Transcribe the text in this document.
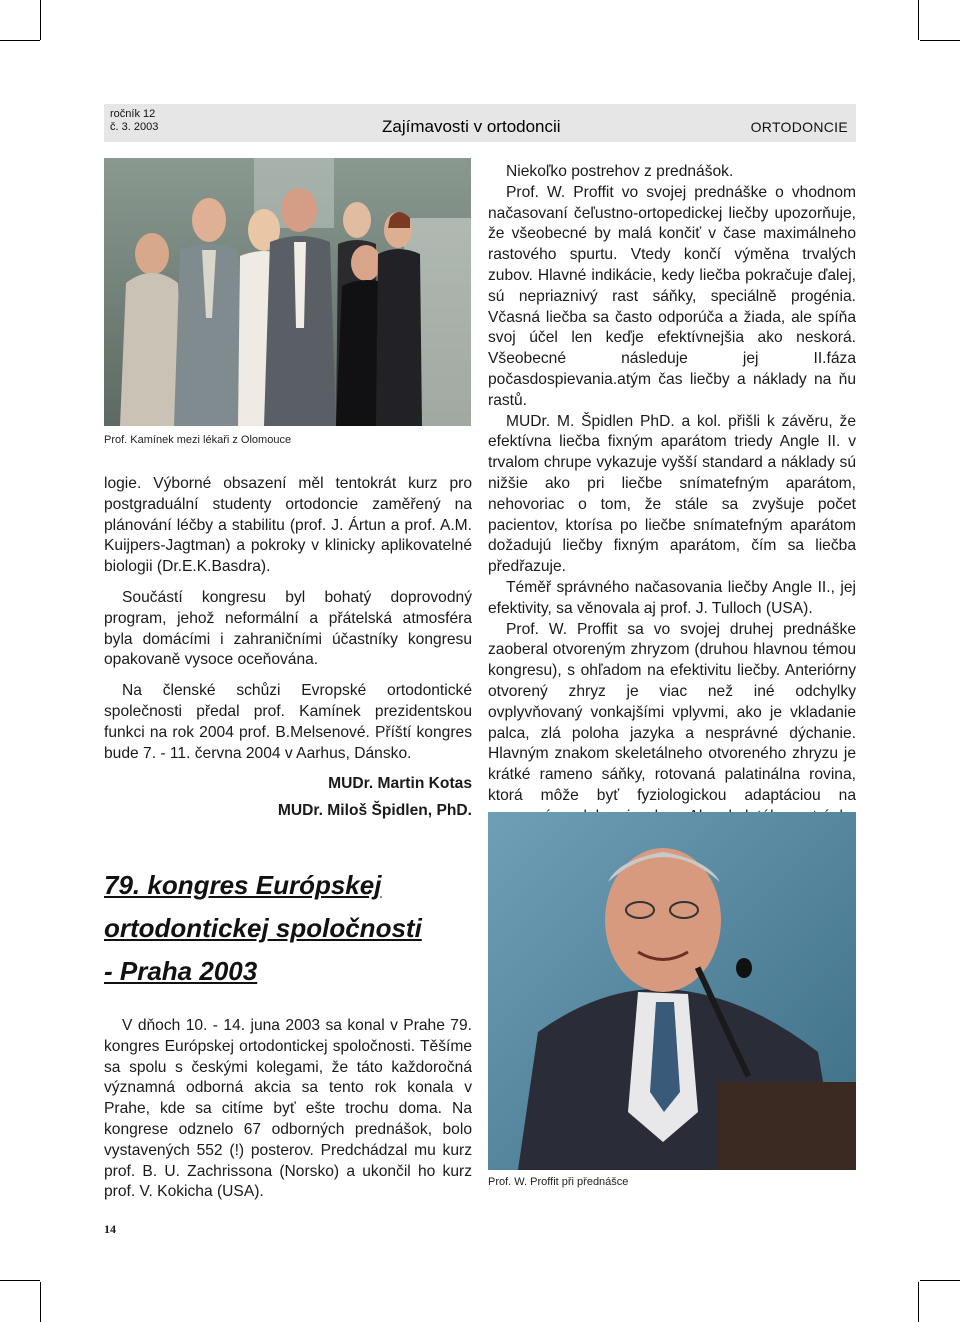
ročník 12
č. 3. 2003	Zajímavosti v ortodoncii	ORTODONCIE
Prof. Kamínek mezi lékaři z Olomouce

logie. Výborné obsazení měl tentokrát kurz pro postgraduální studenty ortodoncie zaměřený na plánování léčby a stabilitu (prof. J. Ártun a prof. A.M. Kuijpers-Jagtman) a pokroky v klinicky aplikovatelné biologii (Dr.E.K.Basdra).

Součástí kongresu byl bohatý doprovodný program, jehož neformální a přátelská atmosféra byla domácími i zahraničními účastníky kongresu opakovaně vysoce oceňována.

Na členské schůzi Evropské ortodontické společnosti předal prof. Kamínek prezidentskou funkci na rok 2004 prof. B.Melsenové. Příští kongres bude 7. - 11. června 2004 v Aarhus, Dánsko.

MUDr. Martin Kotas

MUDr. Miloš Špidlen, PhD.

79. kongres Európskej
ortodontickej spoločnosti
- Praha 2003

V dňoch 10. - 14. juna 2003 sa konal v Prahe 79. kongres Európskej ortodontickej spoločnosti. Těšíme sa spolu s českými kolegami, že táto každoročná významná odborná akcia sa tento rok konala v Prahe, kde sa citíme byť ešte trochu doma. Na kongrese odznelo 67 odborných prednášok, bolo vystavených 552 (!) posterov. Predchádzal mu kurz prof. B. U. Zachrissona (Norsko) a ukončil ho kurz prof. V. Kokicha (USA).

Niekoľko postrehov z prednášok.

Prof. W. Proffit vo svojej prednáške o vhodnom načasovaní čeľustno-ortopedickej liečby upozorňuje, že všeobecné by malá končiť v čase maximálneho rastového spurtu. Vtedy končí výměna trvalých zubov. Hlavné indikácie, kedy liečba pokračuje ďalej, sú nepriaznivý rast sáňky, speciálně progénia. Včasná liečba sa často odporúča a žiada, ale spíňa svoj účel len keďje efektívnejšia ako neskorá. Všeobecné následuje jej II.fáza počasdospievania.atým čas liečby a náklady na ňu rastů.

MUDr. M. Špidlen PhD. a kol. přišli k závěru, že efektívna liečba fixným aparátom triedy Angle II. v trvalom chrupe vykazuje vyšší standard a náklady sú nižšie ako pri liečbe snímatefným aparátom, nehovoriac o tom, že stále sa zvyšuje počet pacientov, ktorísa po liečbe snímatefným aparátom dožadujú liečby fixným aparátom, čím sa liečba předřazuje.

Téměř správného načasovania liečby Angle II., jej efektivity, sa věnovala aj prof. J. Tulloch (USA).

Prof. W. Proffit sa vo svojej druhej prednáške zaoberal otvoreným zhryzom (druhou hlavnou témou kongresu), s ohľadom na efektivitu liečby. Anteriórny otvorený zhryz je viac než iné odchylky ovplyvňovaný vonkajšími vplyvmi, ako je vkladanie palca, zlá poloha jazyka a nesprávné dýchanie. Hlavným znakom skeletálneho otvoreného zhryzu je krátké rameno sáňky, rotovaná palatinálna rovina, ktorá môže byť fyziologickou adaptáciou na

Prof. W. Proffit při přednášce
14
